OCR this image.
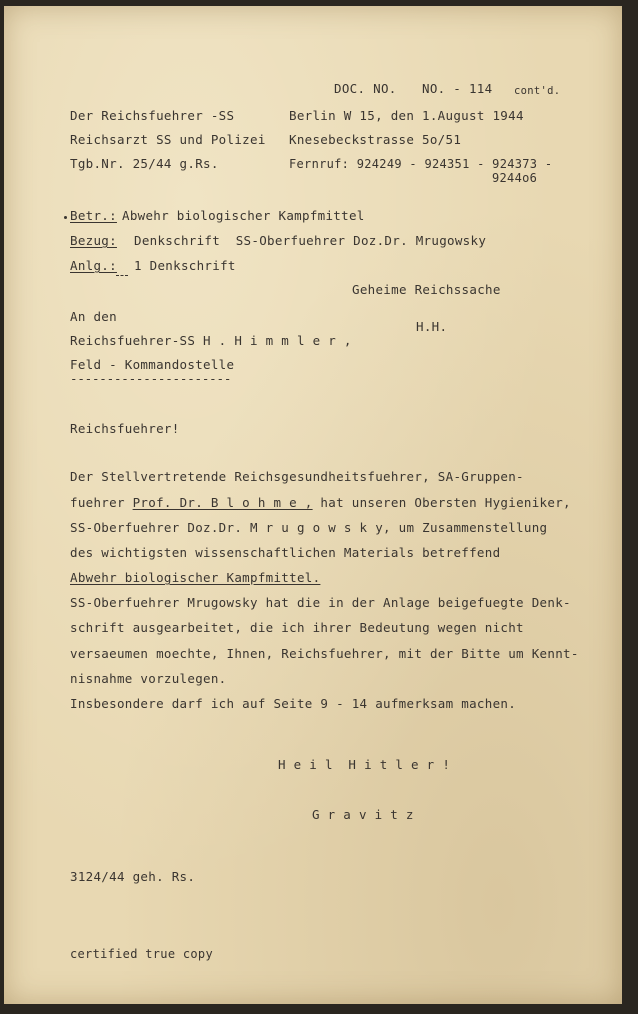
DOC. NO. NO. - 114 cont'd.
Der Reichsfuehrer -SS
Reichsarzt SS und Polizei
Tgb.Nr. 25/44 g.Rs.
Berlin W 15, den 1.August 1944
Knesebeckstrasse 5o/51
Fernruf: 924249 - 924351 - 924373 -
9244o6
Betr.: Abwehr biologischer Kampfmittel
Bezug: Denkschrift  SS-Oberfuehrer Doz.Dr. Mrugowsky
Anlg.: 1 Denkschrift
Geheime Reichssache
An den
H.H.
Reichsfuehrer-SS H . H i m m l e r ,
Feld - Kommandostelle
----------------------
Reichsfuehrer!
Der Stellvertretende Reichsgesundheitsfuehrer, SA-Gruppen-
fuehrer Prof. Dr. B l o h m e , hat unseren Obersten Hygieniker,
SS-Oberfuehrer Doz.Dr. M r u g o w s k y, um Zusammenstellung
des wichtigsten wissenschaftlichen Materials betreffend
Abwehr biologischer Kampfmittel.
SS-Oberfuehrer Mrugowsky hat die in der Anlage beigefuegte Denk-
schrift ausgearbeitet, die ich ihrer Bedeutung wegen nicht
versaeumen moechte, Ihnen, Reichsfuehrer, mit der Bitte um Kennt-
nisnahme vorzulegen.
Insbesondere darf ich auf Seite 9 - 14 aufmerksam machen.
H e i l  H i t l e r !
G r a v i t z
3124/44 geh. Rs.
certified true copy
